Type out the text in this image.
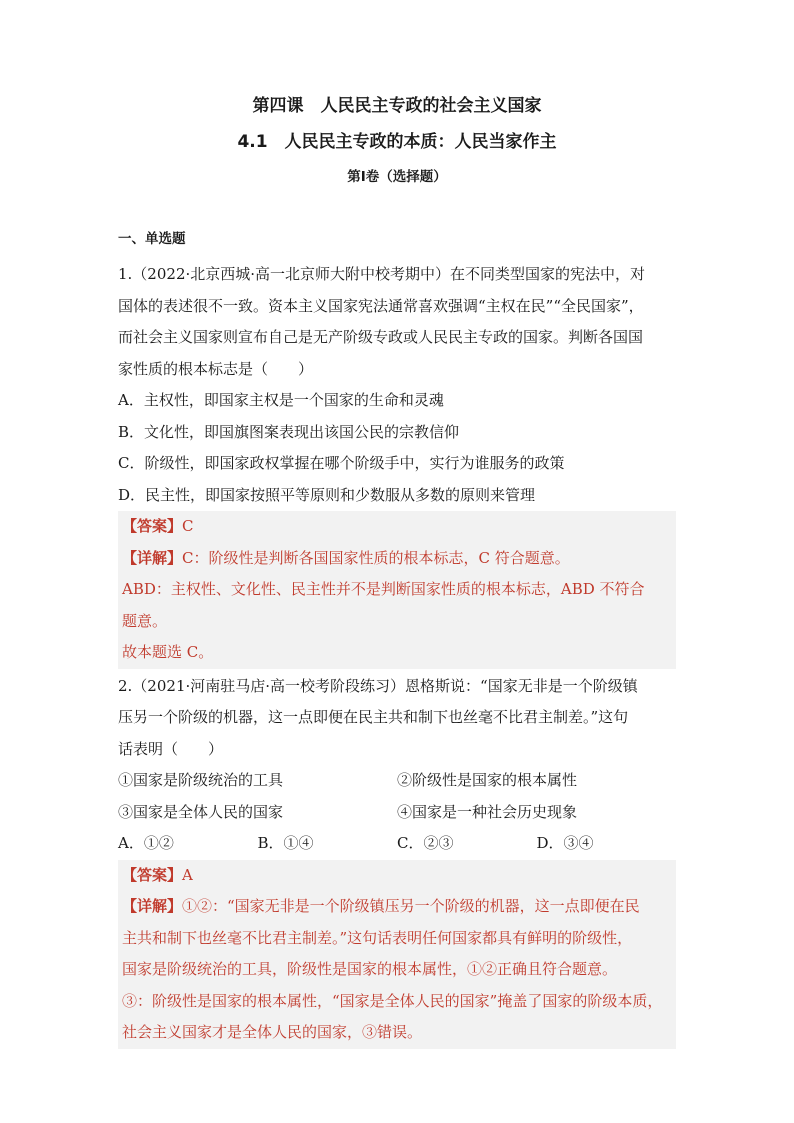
第四课　人民民主专政的社会主义国家
4.1　人民民主专政的本质：人民当家作主
第Ⅰ卷（选择题）
一、单选题

1.（2022·北京西城·高一北京师大附中校考期中）在不同类型国家的宪法中，对

国体的表述很不一致。资本主义国家宪法通常喜欢强调“主权在民”“全民国家”，

而社会主义国家则宣布自己是无产阶级专政或人民民主专政的国家。判断各国国

家性质的根本标志是（　　）

A．主权性，即国家主权是一个国家的生命和灵魂

B．文化性，即国旗图案表现出该国公民的宗教信仰

C．阶级性，即国家政权掌握在哪个阶级手中，实行为谁服务的政策

D．民主性，即国家按照平等原则和少数服从多数的原则来管理

【答案】C

【详解】C：阶级性是判断各国国家性质的根本标志，C 符合题意。

ABD：主权性、文化性、民主性并不是判断国家性质的根本标志，ABD 不符合

题意。

故本题选 C。

2.（2021·河南驻马店·高一校考阶段练习）恩格斯说：“国家无非是一个阶级镇

压另一个阶级的机器，这一点即便在民主共和制下也丝毫不比君主制差。”这句

话表明（　　）

①国家是阶级统治的工具	②阶级性是国家的根本属性
③国家是全体人民的国家	④国家是一种社会历史现象
A．①②	B．①④	C．②③	D．③④

【答案】A

【详解】①②：“国家无非是一个阶级镇压另一个阶级的机器，这一点即便在民

主共和制下也丝毫不比君主制差。”这句话表明任何国家都具有鲜明的阶级性，

国家是阶级统治的工具，阶级性是国家的根本属性，①②正确且符合题意。

③：阶级性是国家的根本属性，“国家是全体人民的国家”掩盖了国家的阶级本质，

社会主义国家才是全体人民的国家，③错误。
